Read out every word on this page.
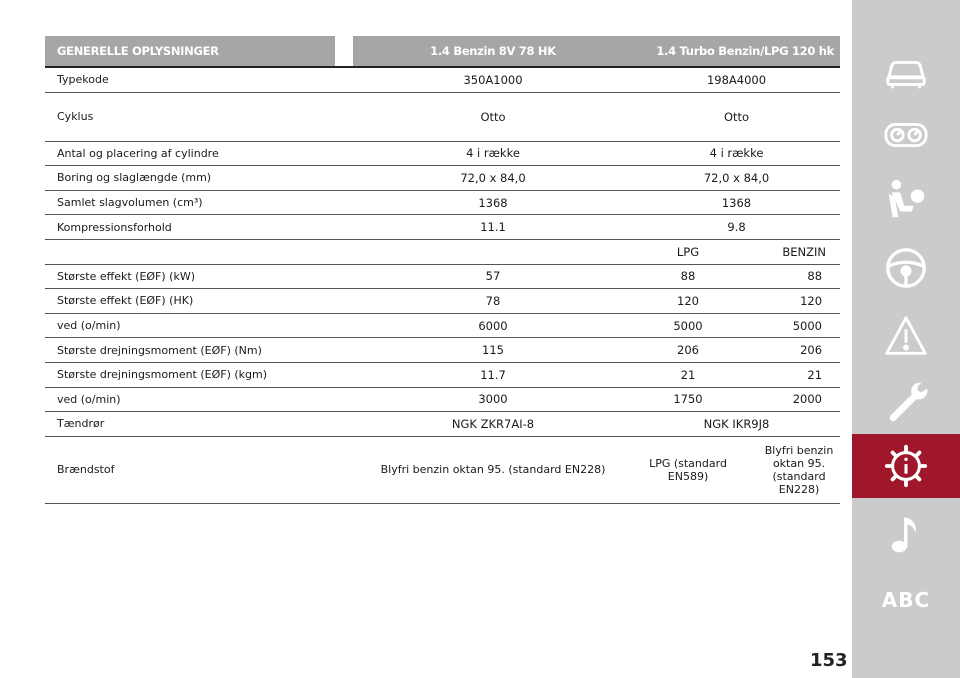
GENERELLE OPLYSNINGER		1.4 Benzin 8V 78 HK	1.4 Turbo Benzin/LPG 120 hk	
Typekode		350A1000	198A4000	
Cyklus		Otto	Otto	
Antal og placering af cylindre		4 i række	4 i række	
Boring og slaglængde (mm)		72,0 x 84,0	72,0 x 84,0	
Samlet slagvolumen (cm³)		1368	1368	
Kompressionsforhold		11.1	9.8	
			LPG	BENZIN
Største effekt (EØF) (kW)		57	88	88
Største effekt (EØF) (HK)		78	120	120
ved (o/min)		6000	5000	5000
Største drejningsmoment (EØF) (Nm)		115	206	206
Største drejningsmoment (EØF) (kgm)		11.7	21	21
ved (o/min)		3000	1750	2000
Tændrør		NGK ZKR7AI-8	NGK IKR9J8	
Brændstof		Blyfri benzin oktan 95. (standard EN228)	LPG (standard EN589)	Blyfri benzin oktan 95. (standard EN228)
ABC
153
